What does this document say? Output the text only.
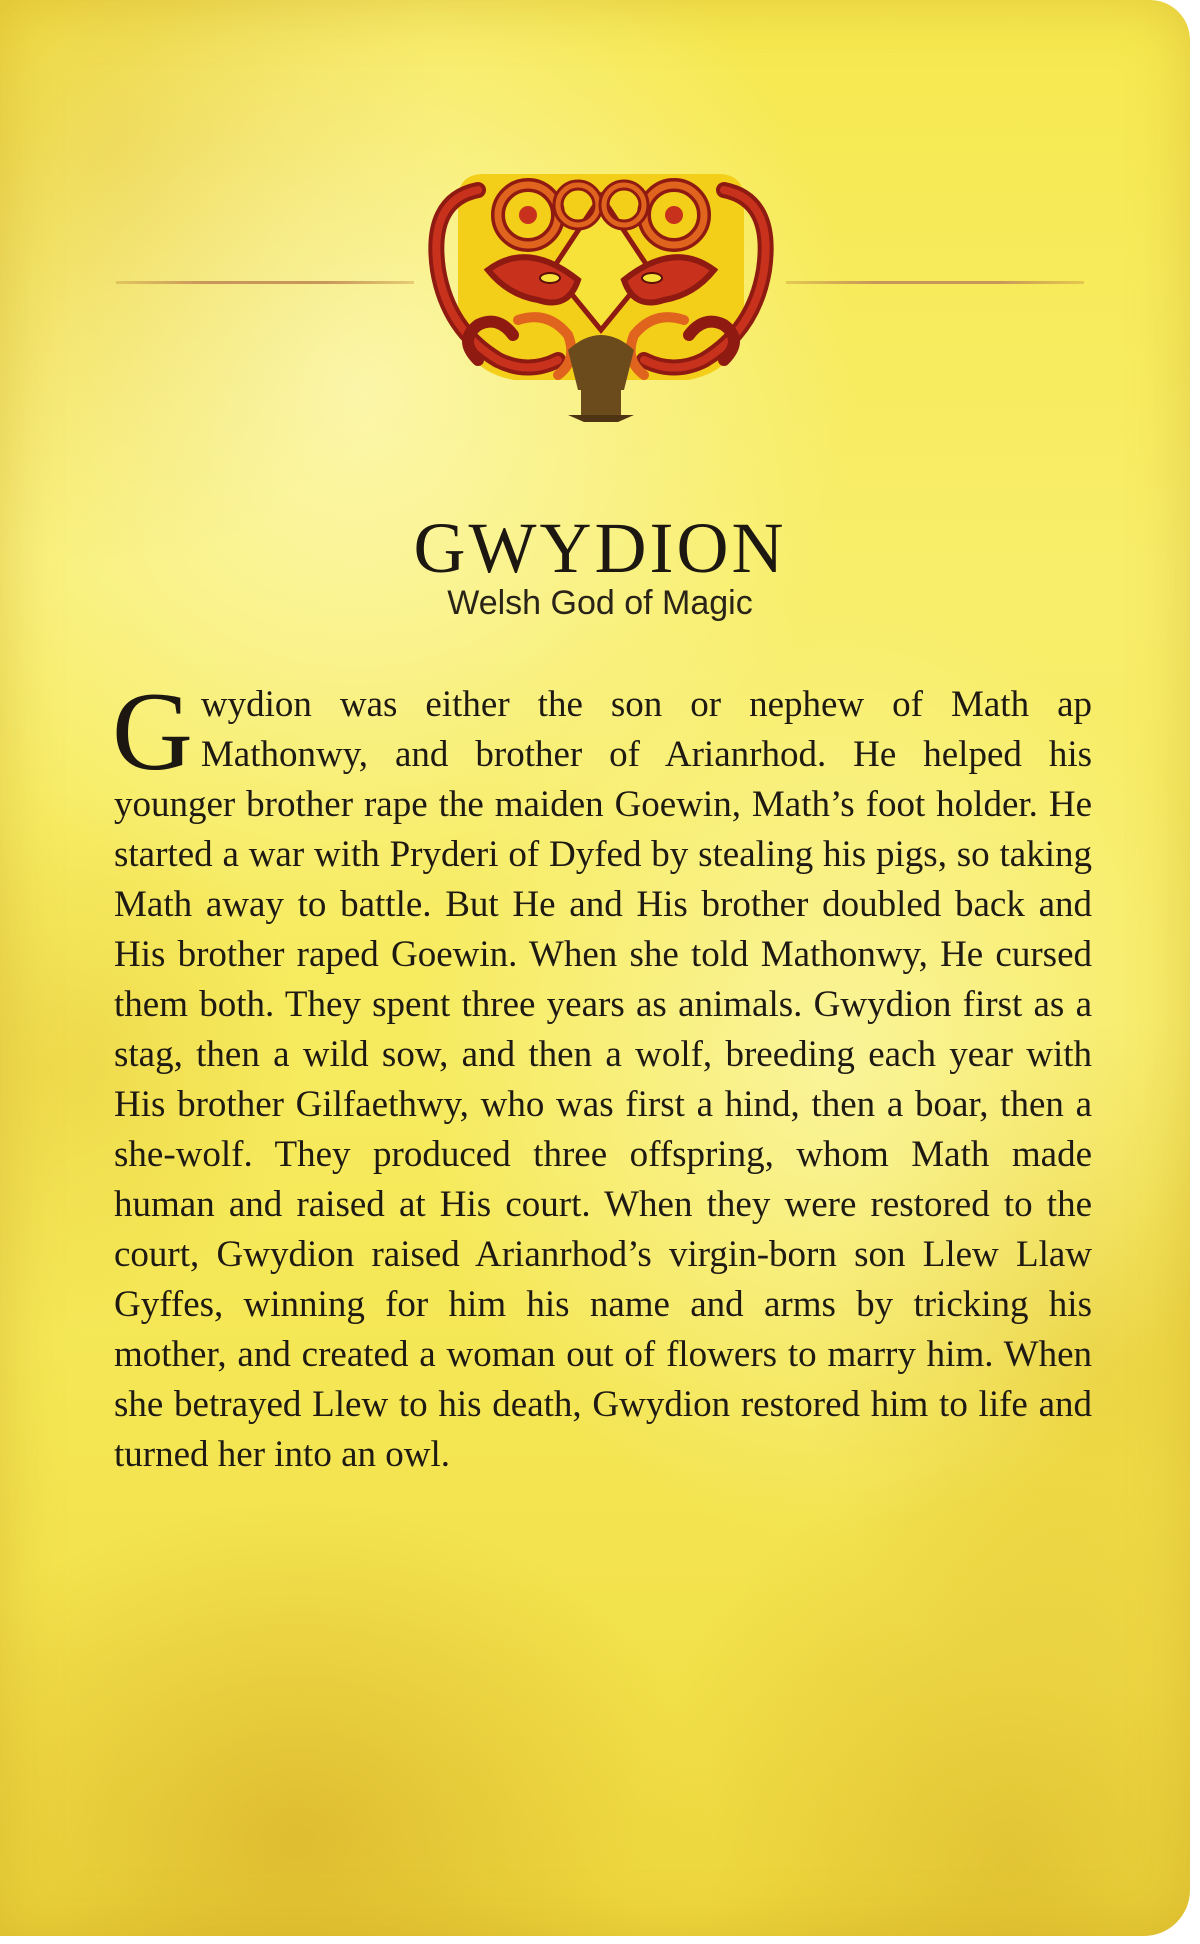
GWYDION
Welsh God of Magic

Gwydion was either the son or nephew of Math ap Mathonwy, and brother of Arianrhod. He helped his younger brother rape the maiden Goewin, Math’s foot holder. He started a war with Pryderi of Dyfed by stealing his pigs, so taking Math away to battle. But He and His brother doubled back and His brother raped Goewin. When she told Mathonwy, He cursed them both. They spent three years as animals. Gwydion first as a stag, then a wild sow, and then a wolf, breeding each year with His brother Gilfaethwy, who was first a hind, then a boar, then a she-wolf. They produced three offspring, whom Math made human and raised at His court. When they were restored to the court, Gwydion raised Arianrhod’s virgin-born son Llew Llaw Gyffes, winning for him his name and arms by tricking his mother, and created a woman out of flowers to marry him. When she betrayed Llew to his death, Gwydion restored him to life and turned her into an owl.
